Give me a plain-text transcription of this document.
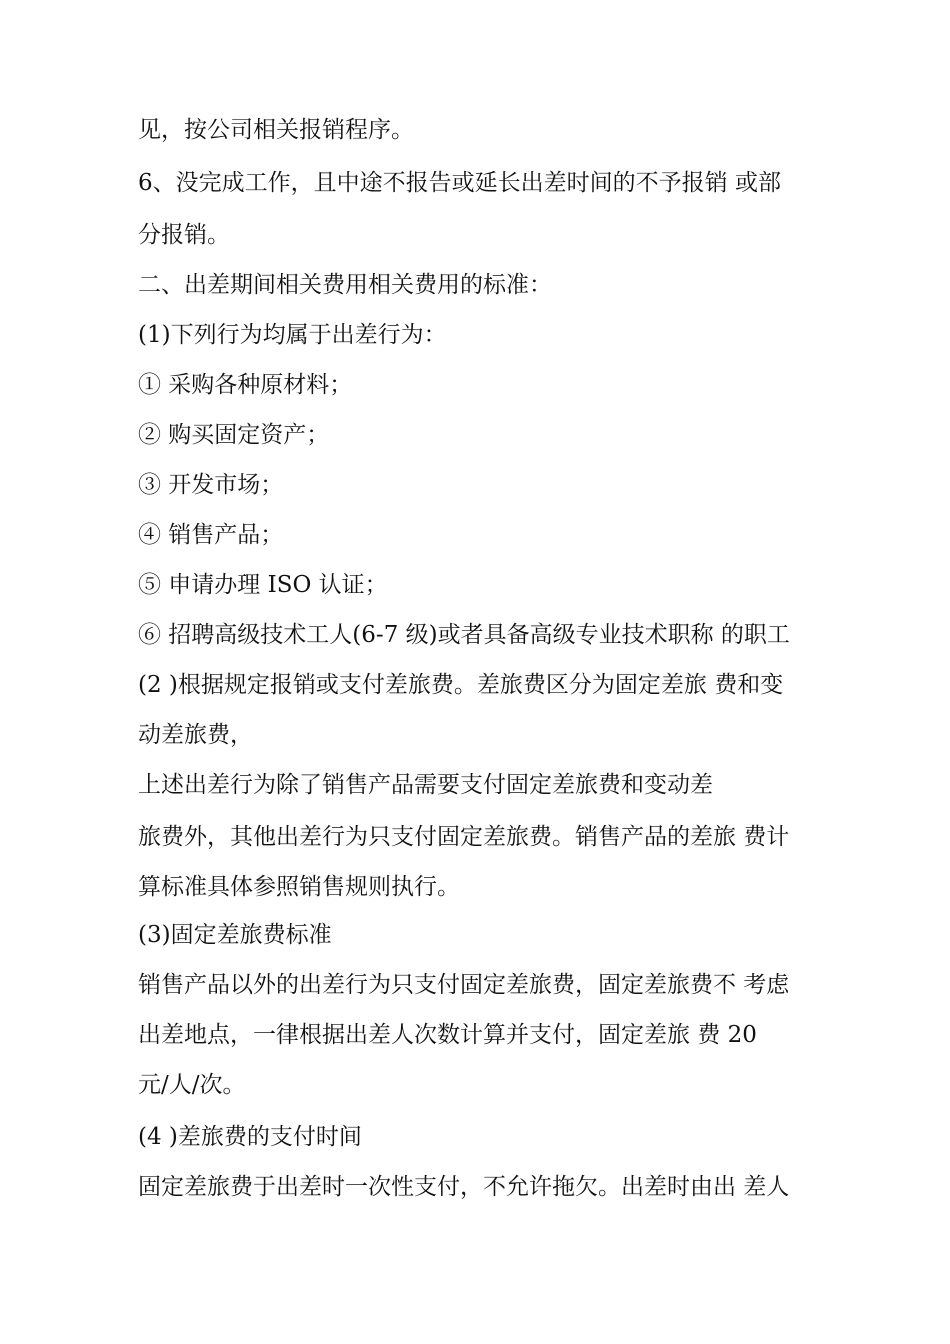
见，按公司相关报销程序。
6、没完成工作，且中途不报告或延长出差时间的不予报销 或部
分报销。
二、出差期间相关费用相关费用的标准：
(1)下列行为均属于出差行为：
① 采购各种原材料；
② 购买固定资产；
③ 开发市场；
④ 销售产品；
⑤ 申请办理 ISO 认证；
⑥ 招聘高级技术工人(6-7 级)或者具备高级专业技术职称 的职工
(2 )根据规定报销或支付差旅费。差旅费区分为固定差旅 费和变
动差旅费，
上述出差行为除了销售产品需要支付固定差旅费和变动差
旅费外，其他出差行为只支付固定差旅费。销售产品的差旅 费计
算标准具体参照销售规则执行。
(3)固定差旅费标准
销售产品以外的出差行为只支付固定差旅费，固定差旅费不 考虑
出差地点，一律根据出差人次数计算并支付，固定差旅 费 20
元/人/次。
(4 )差旅费的支付时间
固定差旅费于出差时一次性支付，不允许拖欠。出差时由出 差人
